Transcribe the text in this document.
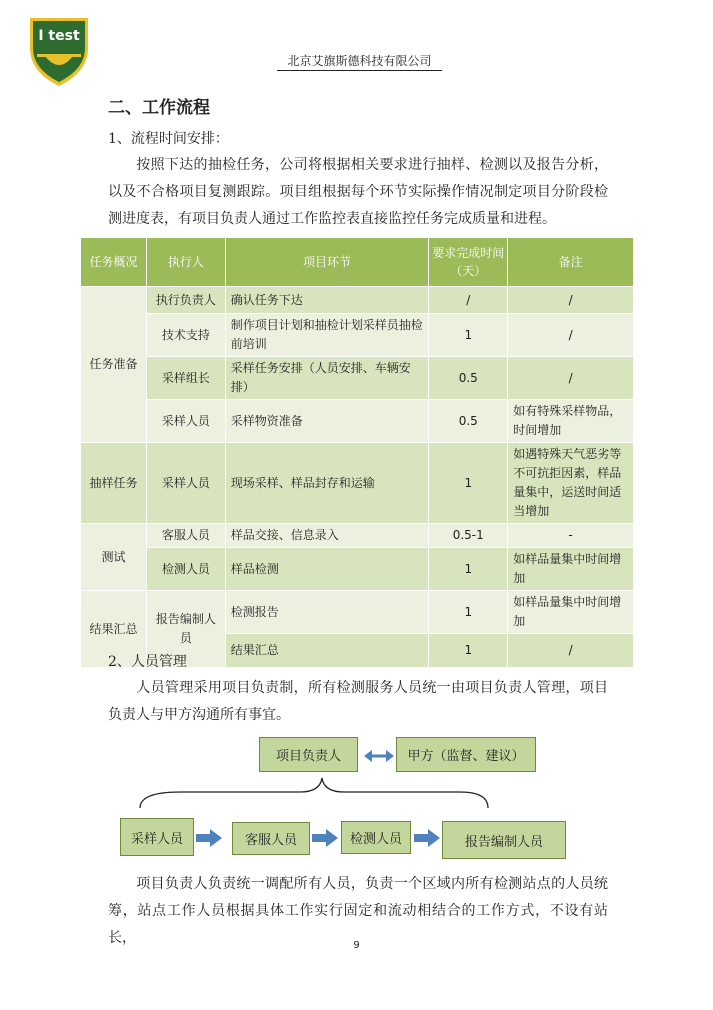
I test
北京艾旗斯德科技有限公司
二、工作流程
1、流程时间安排：
按照下达的抽检任务，公司将根据相关要求进行抽样、检测以及报告分析，以及不合格项目复测跟踪。项目组根据每个环节实际操作情况制定项目分阶段检测进度表，有项目负责人通过工作监控表直接监控任务完成质量和进程。
任务概况	执行人	项目环节	要求完成时间（天）	备注
任务准备	执行负责人	确认任务下达	/	/
	技术支持	制作项目计划和抽检计划采样员抽检前培训	1	/
	采样组长	采样任务安排（人员安排、车辆安排）	0.5	/
	采样人员	采样物资准备	0.5	如有特殊采样物品，时间增加
抽样任务	采样人员	现场采样、样品封存和运输	1	如遇特殊天气恶劣等不可抗拒因素，样品量集中，运送时间适当增加
测试	客服人员	样品交接、信息录入	0.5-1	-
	检测人员	样品检测	1	如样品量集中时间增加
结果汇总	报告编制人员	检测报告	1	如样品量集中时间增加
		结果汇总	1	/
2、人员管理
人员管理采用项目负责制，所有检测服务人员统一由项目负责人管理，项目负责人与甲方沟通所有事宜。
项目负责人	甲方（监督、建议）
采样人员	客服人员	检测人员	报告编制人员
项目负责人负责统一调配所有人员，负责一个区域内所有检测站点的人员统筹，站点工作人员根据具体工作实行固定和流动相结合的工作方式，不设有站长，	9
